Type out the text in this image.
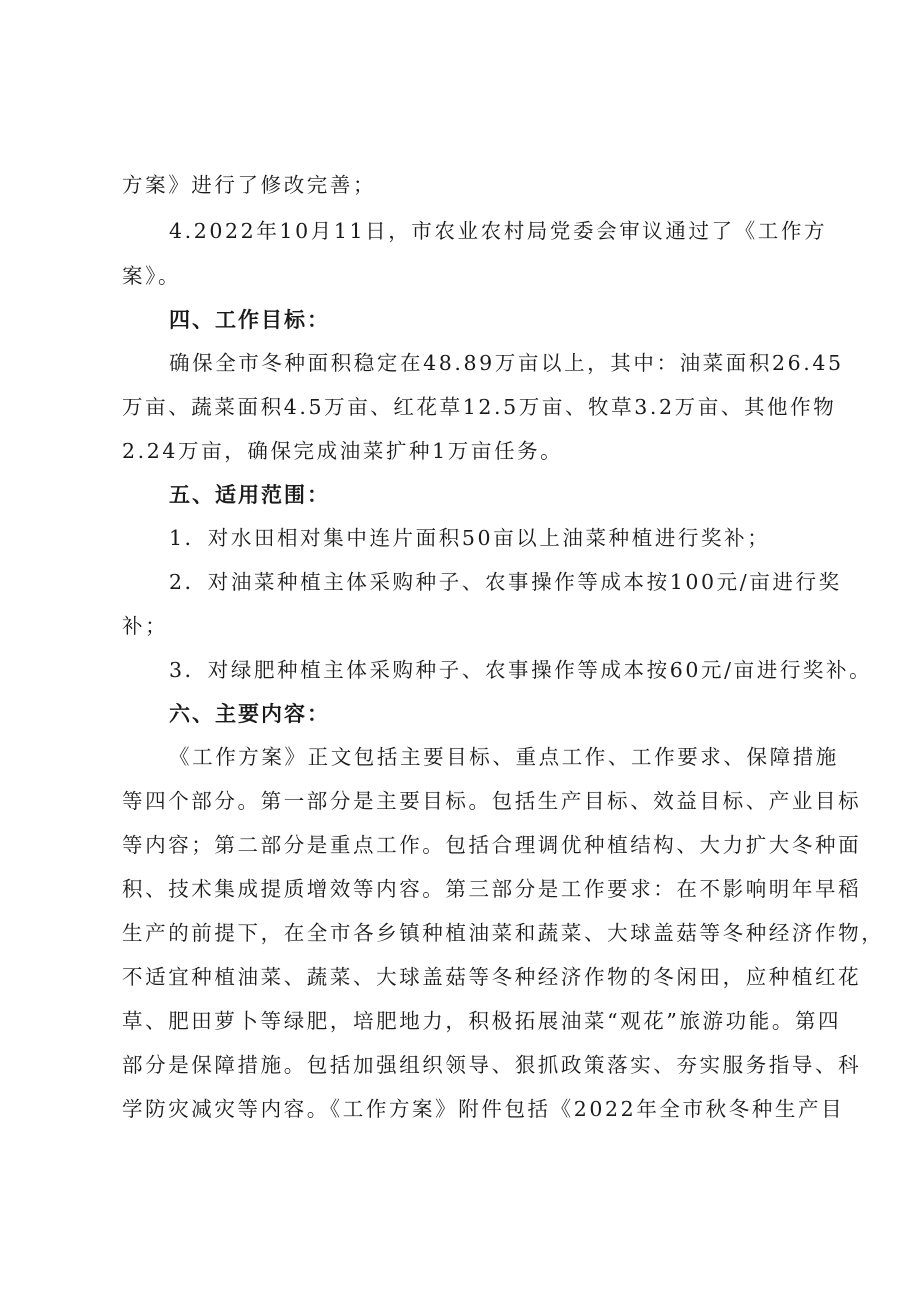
方案》进行了修改完善；
4.2022年10月11日，市农业农村局党委会审议通过了《工作方
案》。
四、工作目标：
确保全市冬种面积稳定在48.89万亩以上，其中：油菜面积26.45
万亩、蔬菜面积4.5万亩、红花草12.5万亩、牧草3.2万亩、其他作物
2.24万亩，确保完成油菜扩种1万亩任务。
五、适用范围：
1．对水田相对集中连片面积50亩以上油菜种植进行奖补；
2．对油菜种植主体采购种子、农事操作等成本按100元/亩进行奖
补；
3．对绿肥种植主体采购种子、农事操作等成本按60元/亩进行奖补。
六、主要内容：
《工作方案》正文包括主要目标、重点工作、工作要求、保障措施
等四个部分。第一部分是主要目标。包括生产目标、效益目标、产业目标
等内容；第二部分是重点工作。包括合理调优种植结构、大力扩大冬种面
积、技术集成提质增效等内容。第三部分是工作要求：在不影响明年早稻
生产的前提下，在全市各乡镇种植油菜和蔬菜、大球盖菇等冬种经济作物，
不适宜种植油菜、蔬菜、大球盖菇等冬种经济作物的冬闲田，应种植红花
草、肥田萝卜等绿肥，培肥地力，积极拓展油菜“观花”旅游功能。第四
部分是保障措施。包括加强组织领导、狠抓政策落实、夯实服务指导、科
学防灾减灾等内容。《工作方案》附件包括《2022年全市秋冬种生产目
